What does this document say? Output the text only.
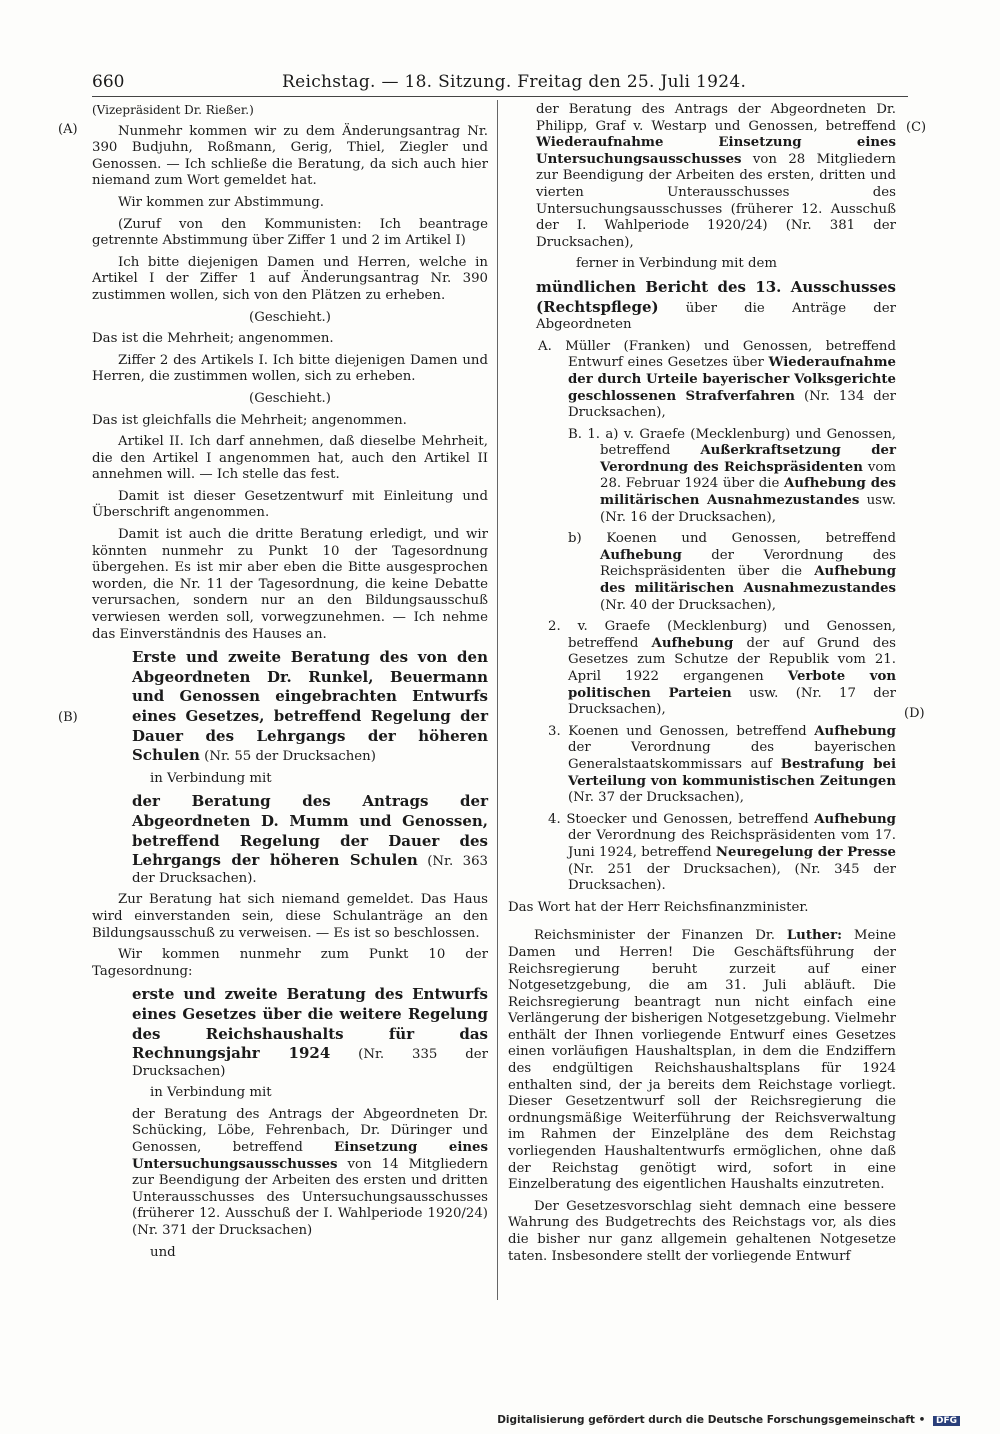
660	Reichstag. — 18. Sitzung. Freitag den 25. Juli 1924.
(A)
(B)
(C)
(D)

(Vizepräsident Dr. Rießer.)

Nunmehr kommen wir zu dem Änderungsantrag Nr. 390 Budjuhn, Roßmann, Gerig, Thiel, Ziegler und Genossen. — Ich schließe die Beratung, da sich auch hier niemand zum Wort gemeldet hat.

Wir kommen zur Abstimmung.

(Zuruf von den Kommunisten: Ich beantrage getrennte Abstimmung über Ziffer 1 und 2 im Artikel I)

Ich bitte diejenigen Damen und Herren, welche in Artikel I der Ziffer 1 auf Änderungsantrag Nr. 390 zustimmen wollen, sich von den Plätzen zu erheben.

(Geschieht.)

Das ist die Mehrheit; angenommen.

Ziffer 2 des Artikels I. Ich bitte diejenigen Damen und Herren, die zustimmen wollen, sich zu erheben.

(Geschieht.)

Das ist gleichfalls die Mehrheit; angenommen.

Artikel II. Ich darf annehmen, daß dieselbe Mehrheit, die den Artikel I angenommen hat, auch den Artikel II annehmen will. — Ich stelle das fest.

Damit ist dieser Gesetzentwurf mit Einleitung und Überschrift angenommen.

Damit ist auch die dritte Beratung erledigt, und wir könnten nunmehr zu Punkt 10 der Tagesordnung übergehen. Es ist mir aber eben die Bitte ausgesprochen worden, die Nr. 11 der Tagesordnung, die keine Debatte verursachen, sondern nur an den Bildungsausschuß verwiesen werden soll, vorwegzunehmen. — Ich nehme das Einverständnis des Hauses an.

Erste und zweite Beratung des von den Abgeordneten Dr. Runkel, Beuermann und Genossen eingebrachten Entwurfs eines Gesetzes, betreffend Regelung der Dauer des Lehrgangs der höheren Schulen (Nr. 55 der Drucksachen)

in Verbindung mit

der Beratung des Antrags der Abgeordneten D. Mumm und Genossen, betreffend Regelung der Dauer des Lehrgangs der höheren Schulen (Nr. 363 der Drucksachen).

Zur Beratung hat sich niemand gemeldet. Das Haus wird einverstanden sein, diese Schulanträge an den Bildungsausschuß zu verweisen. — Es ist so beschlossen.

Wir kommen nunmehr zum Punkt 10 der Tagesordnung:

erste und zweite Beratung des Entwurfs eines Gesetzes über die weitere Regelung des Reichshaushalts für das Rechnungsjahr 1924 (Nr. 335 der Drucksachen)

in Verbindung mit

der Beratung des Antrags der Abgeordneten Dr. Schücking, Löbe, Fehrenbach, Dr. Düringer und Genossen, betreffend Einsetzung eines Untersuchungsausschusses von 14 Mitgliedern zur Beendigung der Arbeiten des ersten und dritten Unterausschusses des Untersuchungsausschusses (früherer 12. Ausschuß der I. Wahlperiode 1920/24) (Nr. 371 der Drucksachen)

und

der Beratung des Antrags der Abgeordneten Dr. Philipp, Graf v. Westarp und Genossen, betreffend Wiederaufnahme	Einsetzung eines Untersuchungsausschusses von 28 Mitgliedern zur Beendigung der Arbeiten des ersten, dritten und vierten Unterausschusses des Untersuchungsausschusses (früherer 12. Ausschuß der I. Wahlperiode 1920/24) (Nr. 381 der Drucksachen),

ferner in Verbindung mit dem

mündlichen Bericht des 13. Ausschusses (Rechtspflege) über die Anträge der Abgeordneten

A. Müller (Franken) und Genossen, betreffend Entwurf eines Gesetzes über Wiederaufnahme der durch Urteile bayerischer Volksgerichte geschlossenen Strafverfahren (Nr. 134 der Drucksachen),

B. 1. a) v. Graefe (Mecklenburg) und Genossen, betreffend Außerkraftsetzung der Verordnung des Reichspräsidenten vom 28. Februar 1924 über die Aufhebung des militärischen Ausnahmezustandes usw. (Nr. 16 der Drucksachen),

b) Koenen und Genossen, betreffend Aufhebung der Verordnung des Reichspräsidenten über die Aufhebung des militärischen Ausnahmezustandes (Nr. 40 der Drucksachen),

2. v. Graefe (Mecklenburg) und Genossen, betreffend Aufhebung der auf Grund des Gesetzes zum Schutze der Republik vom 21. April 1922 ergangenen Verbote von politischen Parteien usw. (Nr. 17 der Drucksachen),

3. Koenen und Genossen, betreffend Aufhebung der Verordnung des bayerischen Generalstaatskommissars auf Bestrafung bei Verteilung von kommunistischen Zeitungen (Nr. 37 der Drucksachen),

4. Stoecker und Genossen, betreffend Aufhebung der Verordnung des Reichspräsidenten vom 17. Juni 1924, betreffend Neuregelung der Presse (Nr. 251 der Drucksachen), (Nr. 345 der Drucksachen).

Das Wort hat der Herr Reichsfinanzminister.

Reichsminister der Finanzen Dr. Luther: Meine Damen und Herren! Die Geschäftsführung der Reichsregierung beruht zurzeit auf einer Notgesetzgebung, die am 31. Juli abläuft. Die Reichsregierung beantragt nun nicht einfach eine Verlängerung der bisherigen Notgesetzgebung. Vielmehr enthält der Ihnen vorliegende Entwurf eines Gesetzes einen vorläufigen Haushaltsplan, in dem die Endziffern des endgültigen Reichshaushaltsplans für 1924 enthalten sind, der ja bereits dem Reichstage vorliegt. Dieser Gesetzentwurf soll der Reichsregierung die ordnungsmäßige Weiterführung der Reichsverwaltung im Rahmen der Einzelpläne des dem Reichstag vorliegenden Haushaltentwurfs ermöglichen, ohne daß der Reichstag genötigt wird, sofort in eine Einzelberatung des eigentlichen Haushalts einzutreten.

Der Gesetzesvorschlag sieht demnach eine bessere Wahrung des Budgetrechts des Reichstags vor, als dies die bisher nur ganz allgemein gehaltenen Notgesetze taten. Insbesondere stellt der vorliegende Entwurf

Digitalisierung gefördert durch die Deutsche Forschungsgemeinschaft • DFG
